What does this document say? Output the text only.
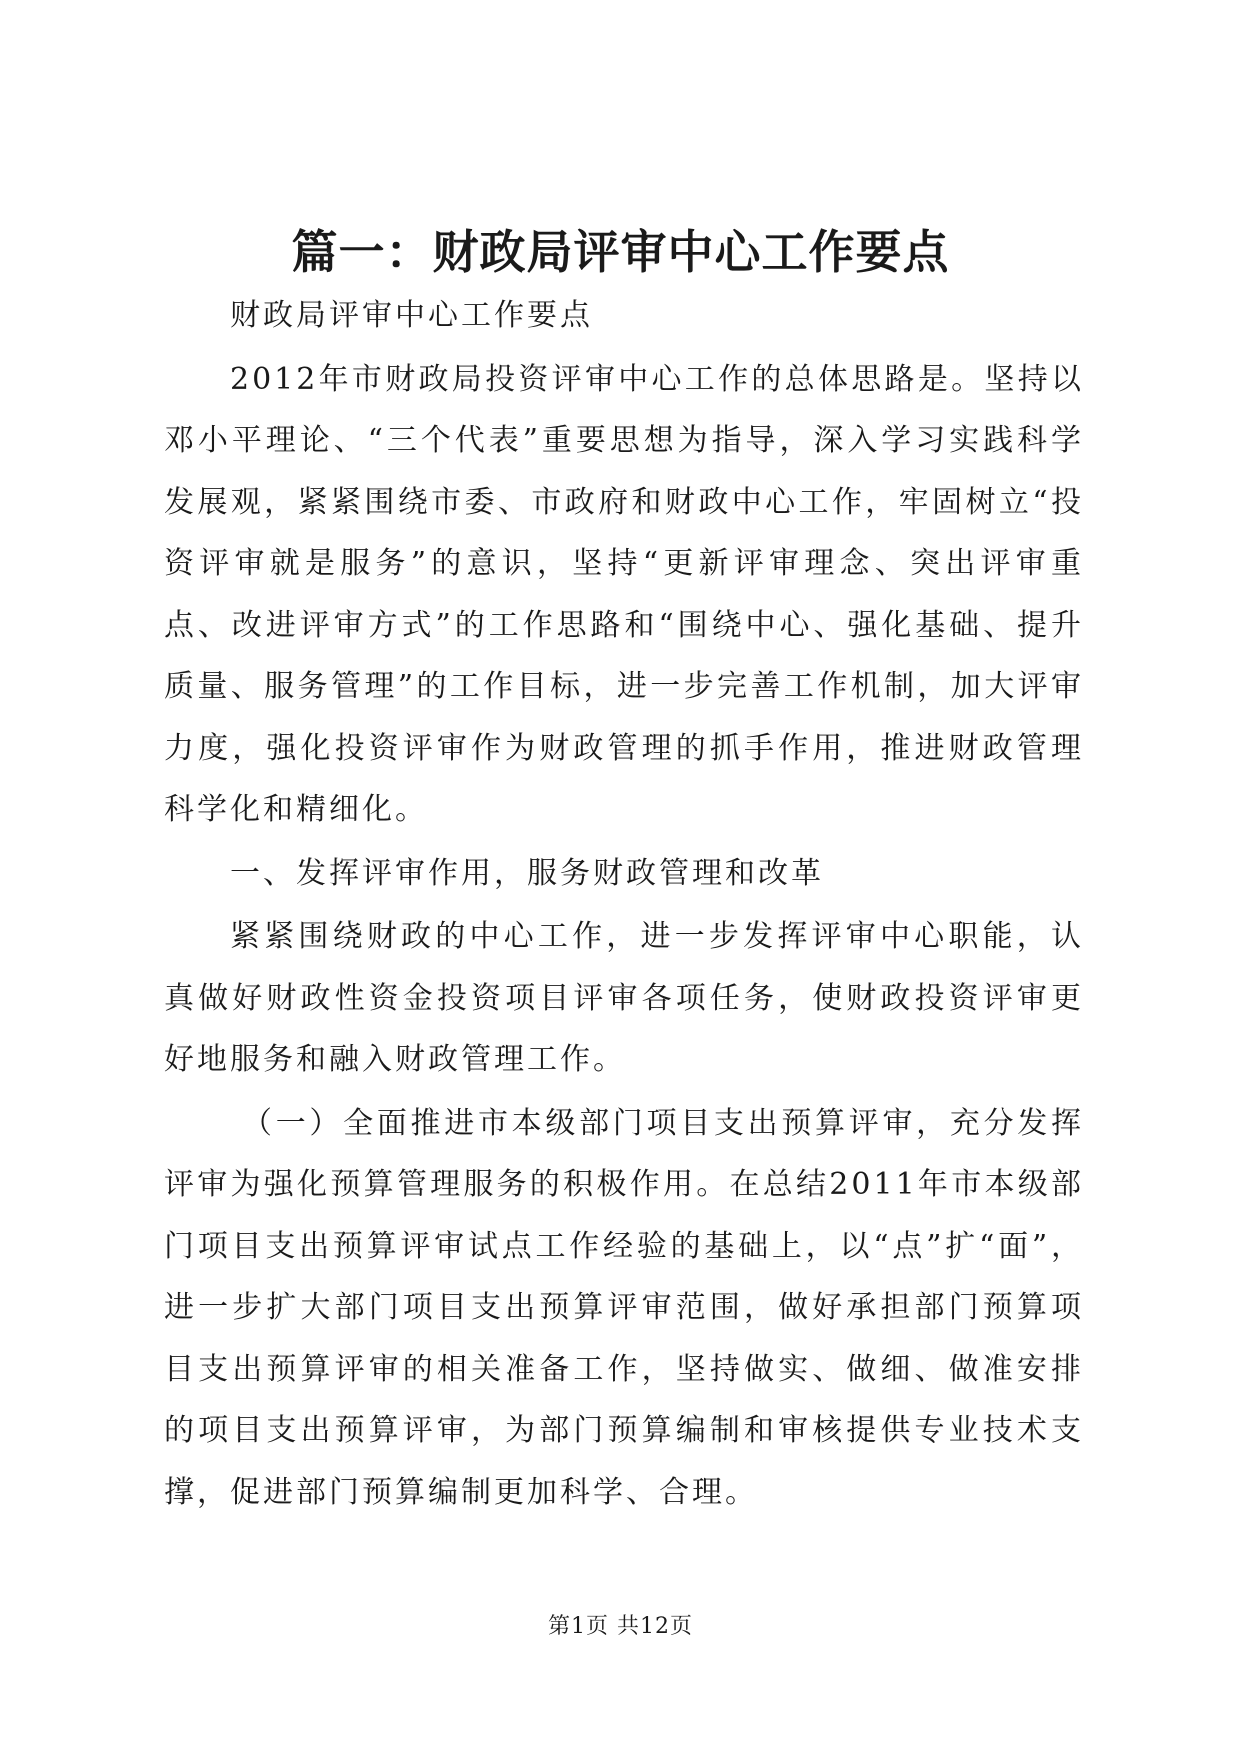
篇一：财政局评审中心工作要点

财政局评审中心工作要点

2012年市财政局投资评审中心工作的总体思路是。坚持以邓小平理论、“三个代表”重要思想为指导，深入学习实践科学发展观，紧紧围绕市委、市政府和财政中心工作，牢固树立“投资评审就是服务”的意识，坚持“更新评审理念、突出评审重点、改进评审方式”的工作思路和“围绕中心、强化基础、提升质量、服务管理”的工作目标，进一步完善工作机制，加大评审力度，强化投资评审作为财政管理的抓手作用，推进财政管理科学化和精细化。

一、发挥评审作用，服务财政管理和改革

紧紧围绕财政的中心工作，进一步发挥评审中心职能，认真做好财政性资金投资项目评审各项任务，使财政投资评审更好地服务和融入财政管理工作。

（一）全面推进市本级部门项目支出预算评审，充分发挥评审为强化预算管理服务的积极作用。在总结2011年市本级部门项目支出预算评审试点工作经验的基础上，以“点”扩“面”，进一步扩大部门项目支出预算评审范围，做好承担部门预算项目支出预算评审的相关准备工作，坚持做实、做细、做准安排的项目支出预算评审，为部门预算编制和审核提供专业技术支撑，促进部门预算编制更加科学、合理。

第1页 共12页
